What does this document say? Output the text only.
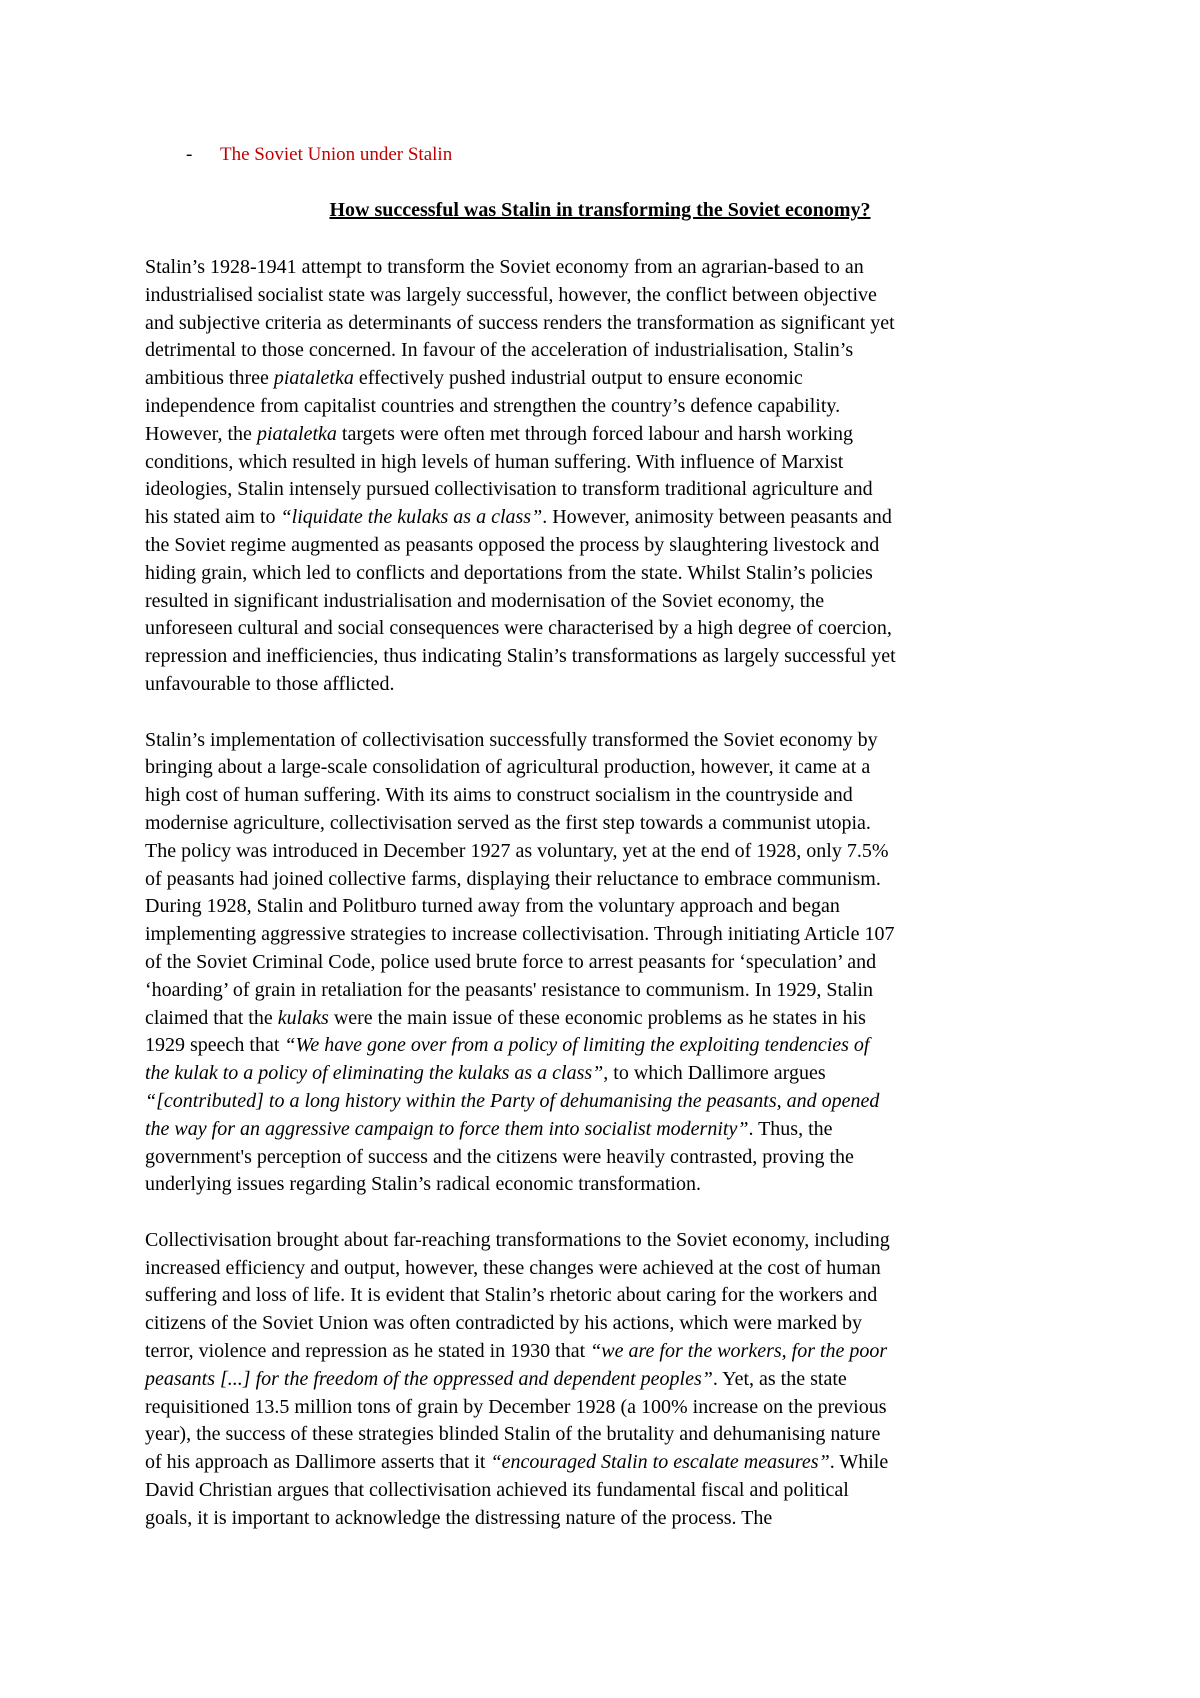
-	The Soviet Union under Stalin
How successful was Stalin in transforming the Soviet economy?

Stalin’s 1928-1941 attempt to transform the Soviet economy from an agrarian-based to an
industrialised socialist state was largely successful, however, the conflict between objective
and subjective criteria as determinants of success renders the transformation as significant yet
detrimental to those concerned. In favour of the acceleration of industrialisation, Stalin’s
ambitious three piataletka effectively pushed industrial output to ensure economic
independence from capitalist countries and strengthen the country’s defence capability.
However, the piataletka targets were often met through forced labour and harsh working
conditions, which resulted in high levels of human suffering. With influence of Marxist
ideologies, Stalin intensely pursued collectivisation to transform traditional agriculture and
his stated aim to “liquidate the kulaks as a class”. However, animosity between peasants and
the Soviet regime augmented as peasants opposed the process by slaughtering livestock and
hiding grain, which led to conflicts and deportations from the state. Whilst Stalin’s policies
resulted in significant industrialisation and modernisation of the Soviet economy, the
unforeseen cultural and social consequences were characterised by a high degree of coercion,
repression and inefficiencies, thus indicating Stalin’s transformations as largely successful yet
unfavourable to those afflicted.

Stalin’s implementation of collectivisation successfully transformed the Soviet economy by
bringing about a large-scale consolidation of agricultural production, however, it came at a
high cost of human suffering. With its aims to construct socialism in the countryside and
modernise agriculture, collectivisation served as the first step towards a communist utopia.
The policy was introduced in December 1927 as voluntary, yet at the end of 1928, only 7.5%
of peasants had joined collective farms, displaying their reluctance to embrace communism.
During 1928, Stalin and Politburo turned away from the voluntary approach and began
implementing aggressive strategies to increase collectivisation. Through initiating Article 107
of the Soviet Criminal Code, police used brute force to arrest peasants for ‘speculation’ and
‘hoarding’ of grain in retaliation for the peasants' resistance to communism. In 1929, Stalin
claimed that the kulaks were the main issue of these economic problems as he states in his
1929 speech that “We have gone over from a policy of limiting the exploiting tendencies of
the kulak to a policy of eliminating the kulaks as a class”, to which Dallimore argues
“[contributed] to a long history within the Party of dehumanising the peasants, and opened
the way for an aggressive campaign to force them into socialist modernity”. Thus, the
government's perception of success and the citizens were heavily contrasted, proving the
underlying issues regarding Stalin’s radical economic transformation.

Collectivisation brought about far-reaching transformations to the Soviet economy, including
increased efficiency and output, however, these changes were achieved at the cost of human
suffering and loss of life. It is evident that Stalin’s rhetoric about caring for the workers and
citizens of the Soviet Union was often contradicted by his actions, which were marked by
terror, violence and repression as he stated in 1930 that “we are for the workers, for the poor
peasants [...] for the freedom of the oppressed and dependent peoples”. Yet, as the state
requisitioned 13.5 million tons of grain by December 1928 (a 100% increase on the previous
year), the success of these strategies blinded Stalin of the brutality and dehumanising nature
of his approach as Dallimore asserts that it “encouraged Stalin to escalate measures”. While
David Christian argues that collectivisation achieved its fundamental fiscal and political
goals, it is important to acknowledge the distressing nature of the process. The
